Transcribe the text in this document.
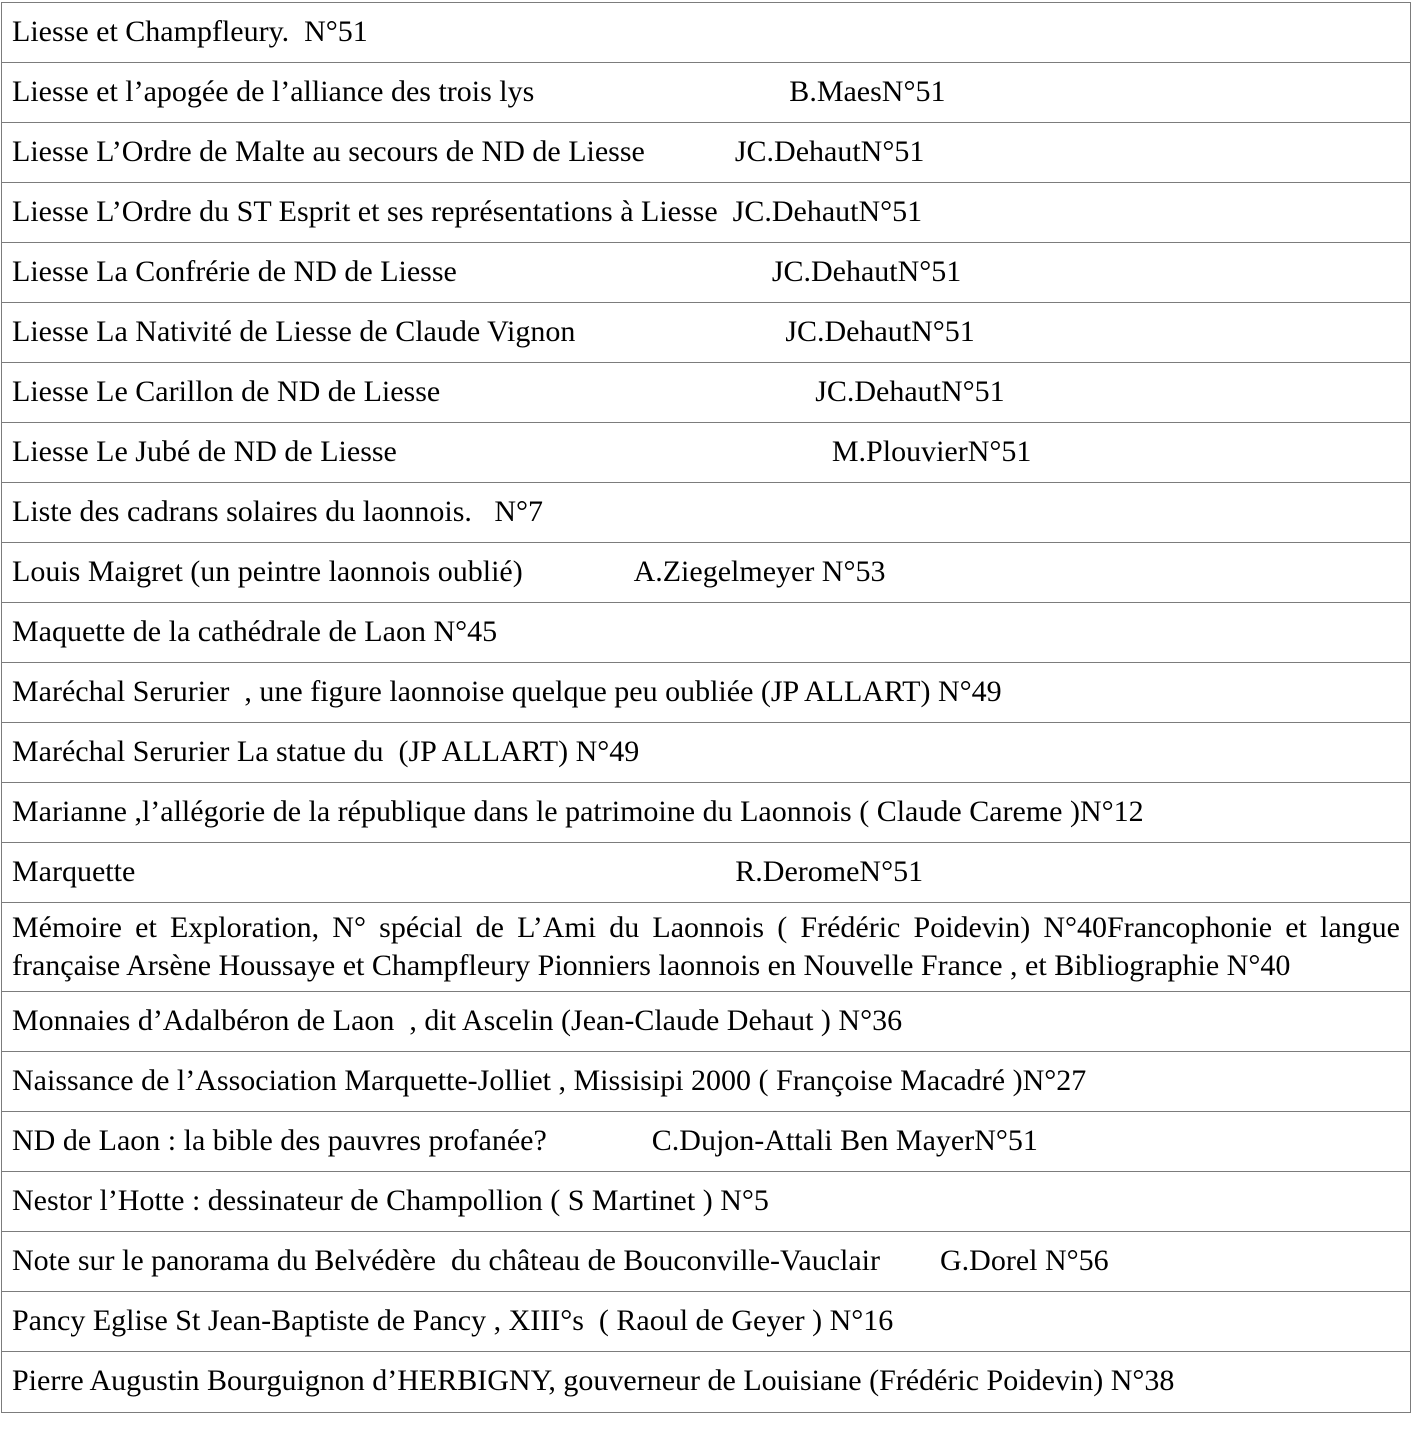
Liesse et Champfleury.  N°51
Liesse et l’apogée de l’alliance des trois lys                                  B.MaesN°51
Liesse L’Ordre de Malte au secours de ND de Liesse            JC.DehautN°51
Liesse L’Ordre du ST Esprit et ses représentations à Liesse  JC.DehautN°51
Liesse La Confrérie de ND de Liesse                                          JC.DehautN°51
Liesse La Nativité de Liesse de Claude Vignon                            JC.DehautN°51
Liesse Le Carillon de ND de Liesse                                                  JC.DehautN°51
Liesse Le Jubé de ND de Liesse                                                          M.PlouvierN°51
Liste des cadrans solaires du laonnois.   N°7
Louis Maigret (un peintre laonnois oublié)               A.Ziegelmeyer N°53
Maquette de la cathédrale de Laon N°45
Maréchal Serurier  , une figure laonnoise quelque peu oubliée (JP ALLART) N°49
Maréchal Serurier La statue du  (JP ALLART) N°49
Marianne ,l’allégorie de la république dans le patrimoine du Laonnois ( Claude Careme )N°12
Marquette                                                                                R.DeromeN°51
Mémoire et Exploration, N° spécial de L’Ami du Laonnois ( Frédéric Poidevin) N°40Francophonie et langue française Arsène Houssaye et Champfleury Pionniers laonnois en Nouvelle France , et Bibliographie N°40
Monnaies d’Adalbéron de Laon  , dit Ascelin (Jean-Claude Dehaut ) N°36
Naissance de l’Association Marquette-Jolliet , Missisipi 2000 ( Françoise Macadré )N°27
ND de Laon : la bible des pauvres profanée?              C.Dujon-Attali Ben MayerN°51
Nestor l’Hotte : dessinateur de Champollion ( S Martinet ) N°5
Note sur le panorama du Belvédère  du château de Bouconville-Vauclair        G.Dorel N°56
Pancy Eglise St Jean-Baptiste de Pancy , XIII°s  ( Raoul de Geyer ) N°16
Pierre Augustin Bourguignon d’HERBIGNY, gouverneur de Louisiane (Frédéric Poidevin) N°38
